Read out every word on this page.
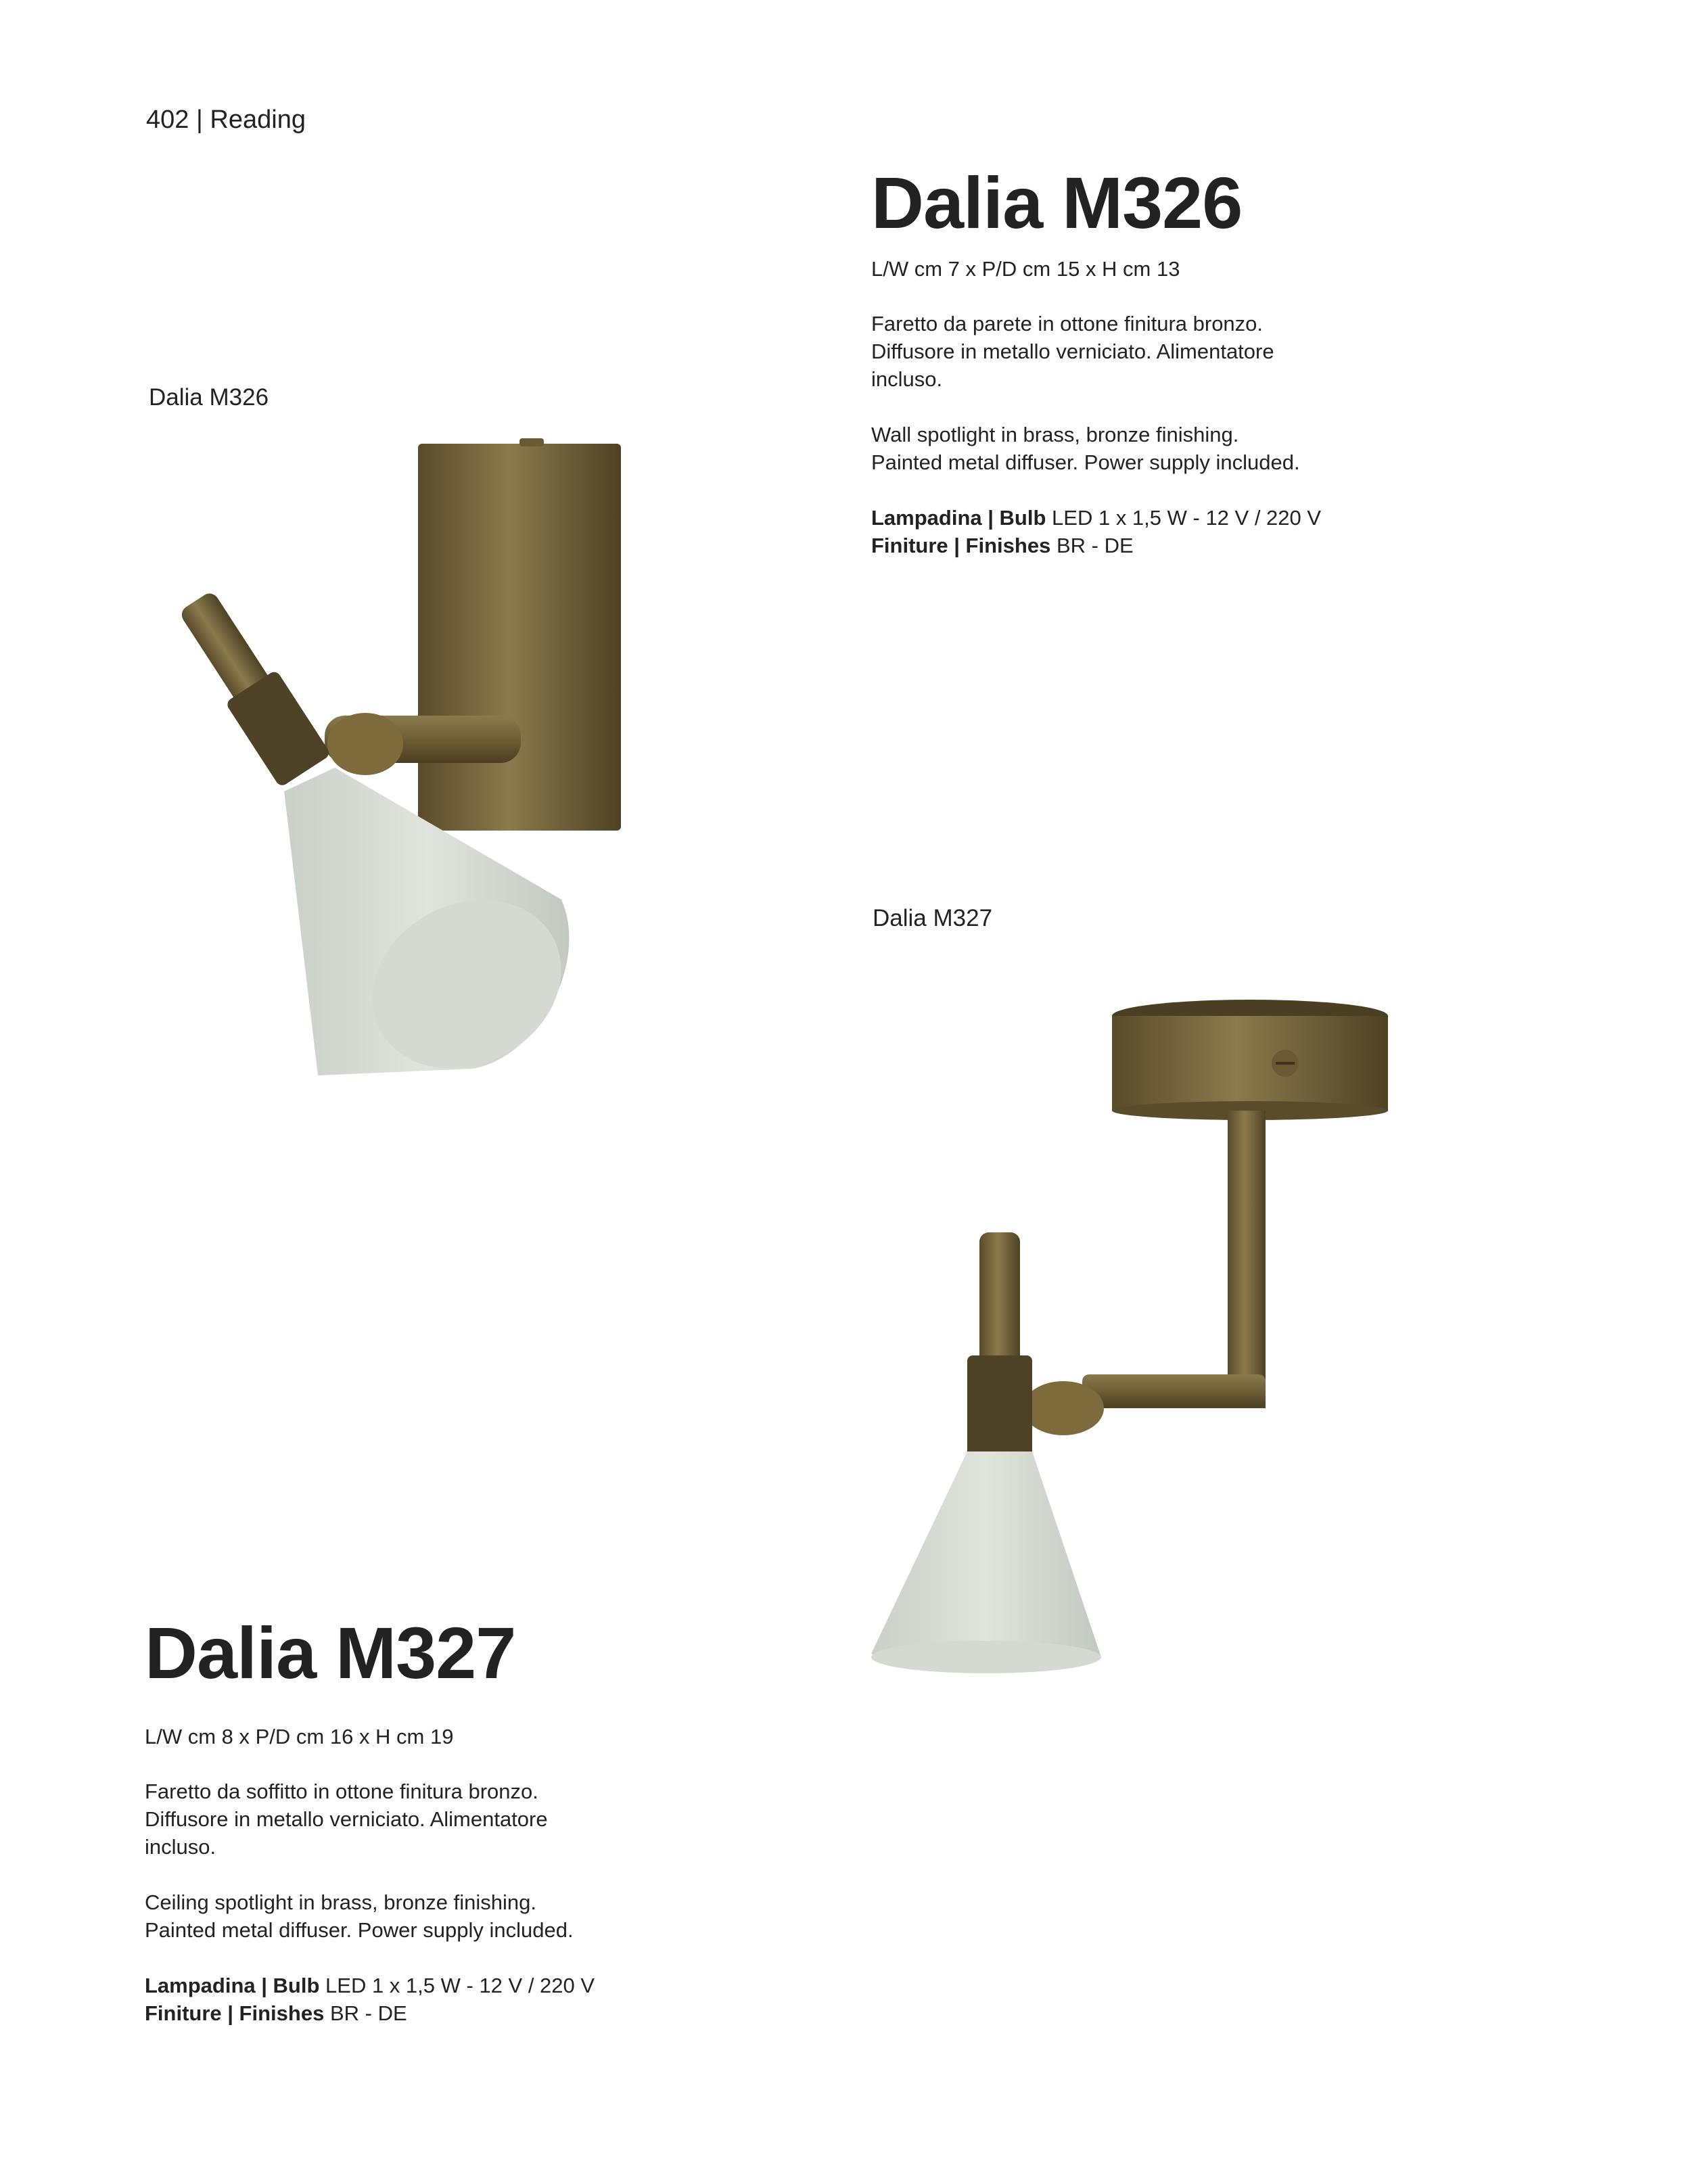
402 | Reading
Dalia M326
L/W cm 7 x P/D cm 15 x H cm 13
Faretto da parete in ottone finitura bronzo.
Diffusore in metallo verniciato. Alimentatore
incluso.
Wall spotlight in brass, bronze finishing.
Painted metal diffuser. Power supply included.
Lampadina | Bulb LED 1 x 1,5 W - 12 V / 220 V
Finiture | Finishes BR - DE
Dalia M326
Dalia M327
Dalia M327
L/W cm 8 x P/D cm 16 x H cm 19
Faretto da soffitto in ottone finitura bronzo.
Diffusore in metallo verniciato. Alimentatore
incluso.
Ceiling spotlight in brass, bronze finishing.
Painted metal diffuser. Power supply included.
Lampadina | Bulb LED 1 x 1,5 W - 12 V / 220 V
Finiture | Finishes BR - DE
